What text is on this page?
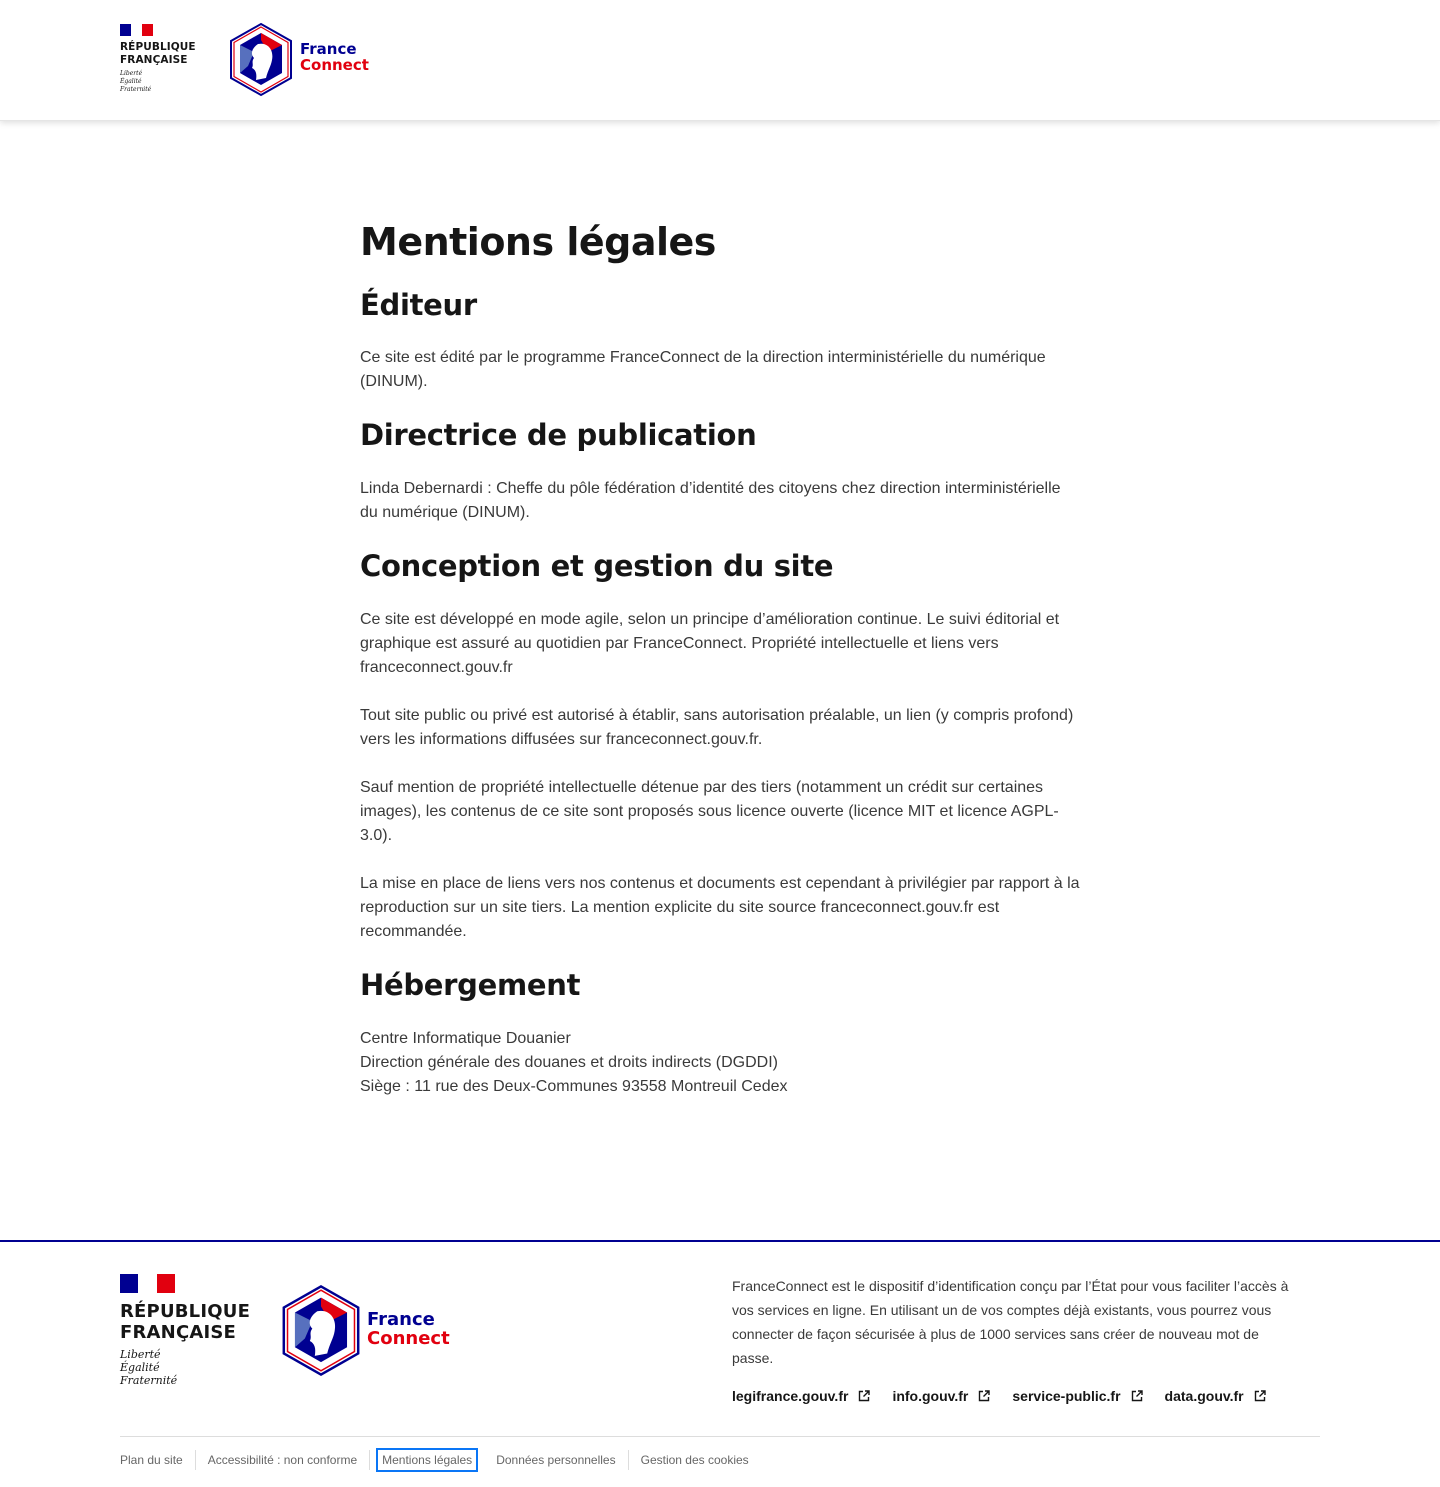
RÉPUBLIQUE
FRANÇAISE
Liberté
Égalité
Fraternité
France
Connect
Mentions légales
Éditeur

Ce site est édité par le programme FranceConnect de la direction interministérielle du numérique (DINUM).

Directrice de publication

Linda Debernardi : Cheffe du pôle fédération d’identité des citoyens chez direction interministérielle du numérique (DINUM).

Conception et gestion du site

Ce site est développé en mode agile, selon un principe d’amélioration continue. Le suivi éditorial et graphique est assuré au quotidien par FranceConnect. Propriété intellectuelle et liens vers franceconnect.gouv.fr

Tout site public ou privé est autorisé à établir, sans autorisation préalable, un lien (y compris profond) vers les informations diffusées sur franceconnect.gouv.fr.

Sauf mention de propriété intellectuelle détenue par des tiers (notamment un crédit sur certaines images), les contenus de ce site sont proposés sous licence ouverte (licence MIT et licence AGPL-3.0).

La mise en place de liens vers nos contenus et documents est cependant à privilégier par rapport à la reproduction sur un site tiers. La mention explicite du site source franceconnect.gouv.fr est recommandée.

Hébergement

Centre Informatique Douanier
Direction générale des douanes et droits indirects (DGDDI)
Siège : 11 rue des Deux-Communes 93558 Montreuil Cedex

RÉPUBLIQUE
FRANÇAISE
Liberté
Égalité
Fraternité
France
Connect

FranceConnect est le dispositif d’identification conçu par l’État pour vous faciliter l’accès à vos services en ligne. En utilisant un de vos comptes déjà existants, vous pourrez vous connecter de façon sécurisée à plus de 1000 services sans créer de nouveau mot de passe.

legifrance.gouv.fr	info.gouv.fr	service-public.fr	data.gouv.fr
Plan du site	Accessibilité : non conforme	Mentions légales	Données personnelles	Gestion des cookies
